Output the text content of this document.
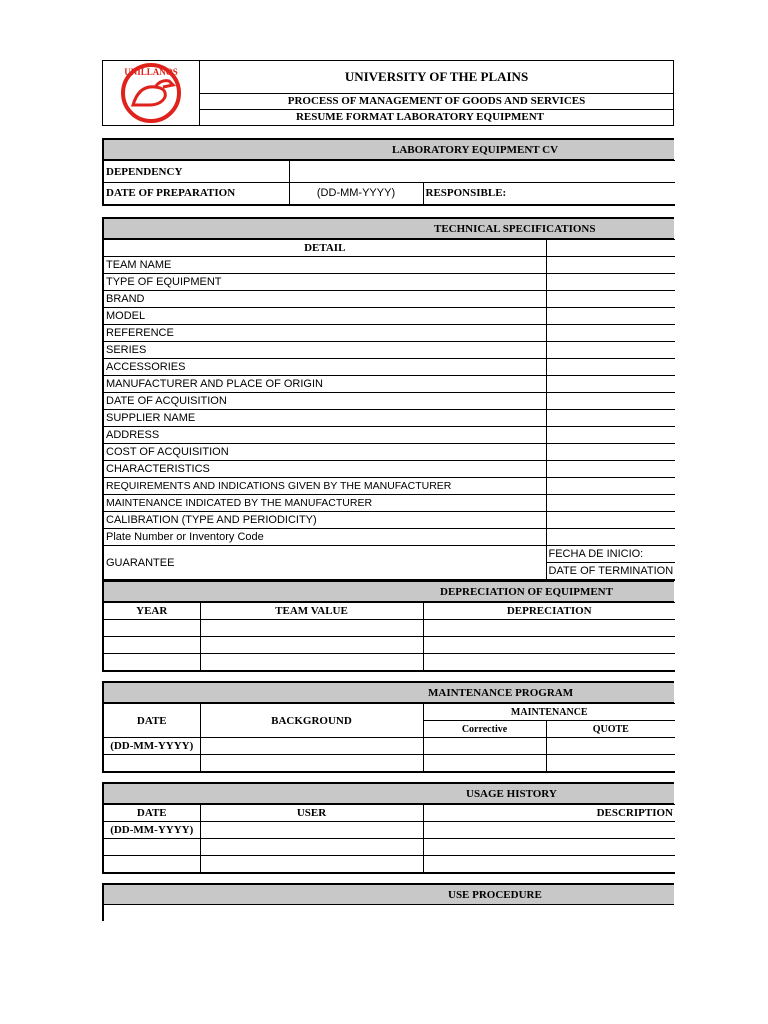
UNILLANOS	UNIVERSITY OF THE PLAINS
PROCESS OF MANAGEMENT OF GOODS AND SERVICES
RESUME FORMAT LABORATORY EQUIPMENT
LABORATORY EQUIPMENT CV
DEPENDENCY		
DATE OF PREPARATION	(DD-MM-YYYY)	RESPONSIBLE:
TECHNICAL SPECIFICATIONS
DETAIL	
TEAM NAME	
TYPE OF EQUIPMENT	
BRAND	
MODEL	
REFERENCE	
SERIES	
ACCESSORIES	
MANUFACTURER AND PLACE OF ORIGIN	
DATE OF ACQUISITION	
SUPPLIER NAME	
ADDRESS	
COST OF ACQUISITION	
CHARACTERISTICS	
REQUIREMENTS AND INDICATIONS GIVEN BY THE MANUFACTURER	
MAINTENANCE INDICATED BY THE MANUFACTURER	
CALIBRATION (TYPE AND PERIODICITY)	
Plate Number or Inventory Code	
GUARANTEE	FECHA DE INICIO:
	DATE OF TERMINATION
DEPRECIATION OF EQUIPMENT
YEAR	TEAM VALUE	DEPRECIATION

MAINTENANCE PROGRAM
DATE	BACKGROUND	MAINTENANCE	
		Corrective	QUOTE
(DD-MM-YYYY)			

USAGE HISTORY
DATE	USER	DESCRIPTION
(DD-MM-YYYY)		

USE PROCEDURE
